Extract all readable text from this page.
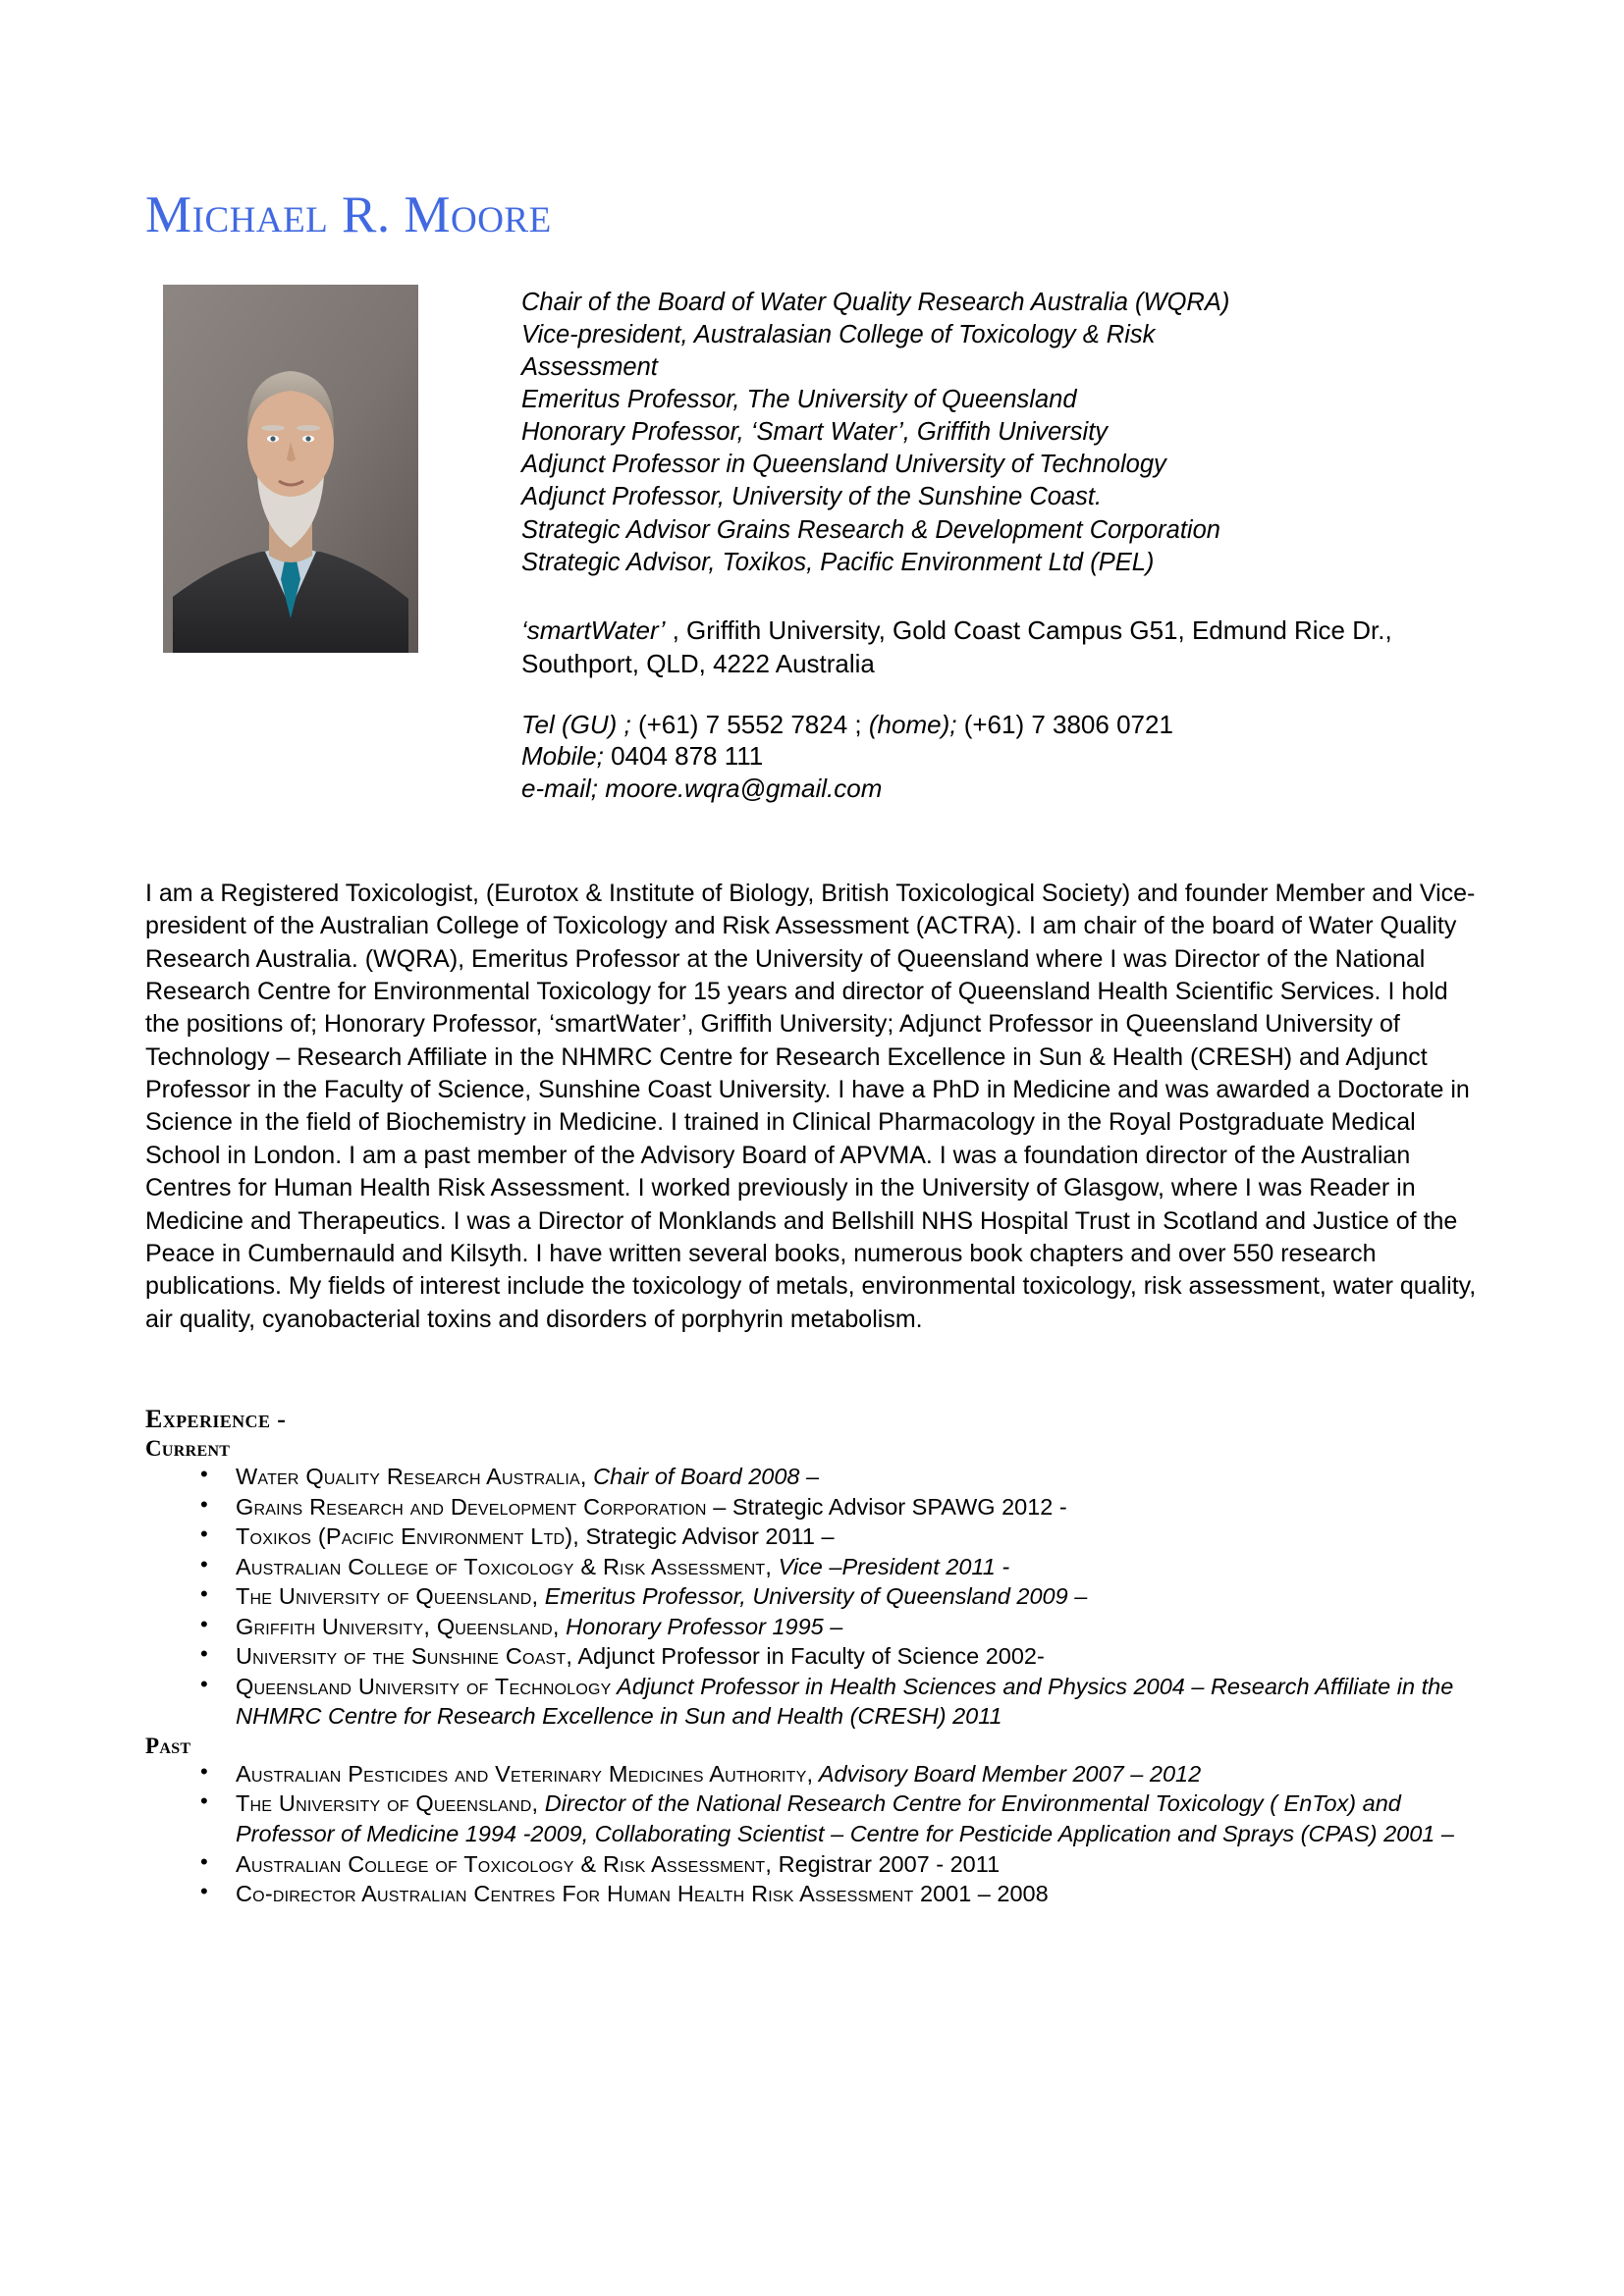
Michael R. Moore
Chair of the Board of Water Quality Research Australia (WQRA)
Vice-president, Australasian College of Toxicology & Risk
Assessment
Emeritus Professor, The University of Queensland
Honorary Professor, ‘Smart Water’, Griffith University
Adjunct Professor in Queensland University of Technology
Adjunct Professor, University of the Sunshine Coast.
Strategic Advisor Grains Research & Development Corporation
Strategic Advisor, Toxikos, Pacific Environment Ltd (PEL)

‘smartWater’ , Griffith University, Gold Coast Campus G51, Edmund Rice Dr., Southport, QLD, 4222 Australia

Tel (GU) ; (+61) 7 5552 7824 ; (home); (+61) 7 3806 0721
Mobile; 0404 878 111
e-mail; moore.wqra@gmail.com

I am a Registered Toxicologist, (Eurotox & Institute of Biology, British Toxicological Society) and founder Member and Vice-president of the Australian College of Toxicology and Risk Assessment (ACTRA). I am chair of the board of Water Quality Research Australia. (WQRA), Emeritus Professor at the University of Queensland where I was Director of the National Research Centre for Environmental Toxicology for 15 years and director of Queensland Health Scientific Services. I hold the positions of; Honorary Professor, ‘smartWater’, Griffith University; Adjunct Professor in Queensland University of Technology – Research Affiliate in the NHMRC Centre for Research Excellence in Sun & Health (CRESH) and Adjunct Professor in the Faculty of Science, Sunshine Coast University. I have a PhD in Medicine and was awarded a Doctorate in Science in the field of Biochemistry in Medicine. I trained in Clinical Pharmacology in the Royal Postgraduate Medical School in London. I am a past member of the Advisory Board of APVMA. I was a foundation director of the Australian Centres for Human Health Risk Assessment. I worked previously in the University of Glasgow, where I was Reader in Medicine and Therapeutics. I was a Director of Monklands and Bellshill NHS Hospital Trust in Scotland and Justice of the Peace in Cumbernauld and Kilsyth. I have written several books, numerous book chapters and over 550 research publications. My fields of interest include the toxicology of metals, environmental toxicology, risk assessment, water quality, air quality, cyanobacterial toxins and disorders of porphyrin metabolism.

Experience -
Current
• Water Quality Research Australia, Chair of Board 2008 –
• Grains Research and Development Corporation – Strategic Advisor SPAWG 2012 -
• Toxikos (Pacific Environment Ltd), Strategic Advisor 2011 –
• Australian College of Toxicology & Risk Assessment, Vice –President 2011 -
• The University of Queensland, Emeritus Professor, University of Queensland 2009 –
• Griffith University, Queensland, Honorary Professor 1995 –
• University of the Sunshine Coast, Adjunct Professor in Faculty of Science 2002-
• Queensland University of Technology Adjunct Professor in Health Sciences and Physics 2004 – Research Affiliate in the NHMRC Centre for Research Excellence in Sun and Health (CRESH) 2011
Past
• Australian Pesticides and Veterinary Medicines Authority, Advisory Board Member 2007 – 2012
• The University of Queensland, Director of the National Research Centre for Environmental Toxicology ( EnTox) and Professor of Medicine 1994 -2009, Collaborating Scientist – Centre for Pesticide Application and Sprays (CPAS) 2001 –
• Australian College of Toxicology & Risk Assessment, Registrar 2007 - 2011
• Co-director Australian Centres For Human Health Risk Assessment 2001 – 2008
